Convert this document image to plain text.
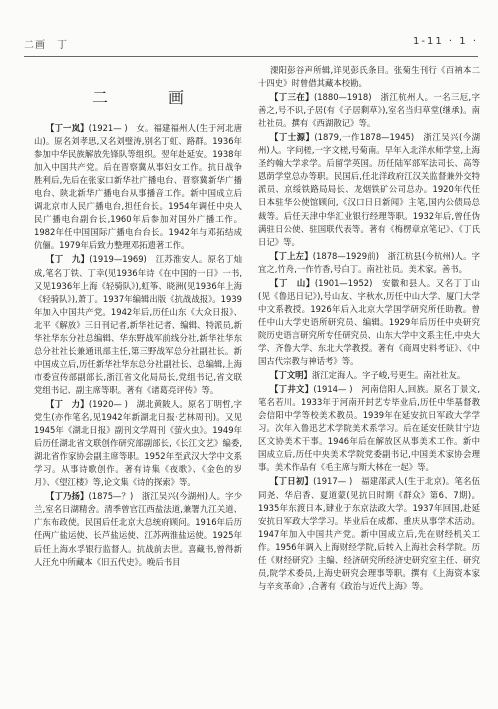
二画　丁	1-11 · 1 ·
二　画

【丁一岚】(1921— )　女。福建福州人(生于河北唐山)。原名刘孝思,又名刘璧涛,别名丁虹、路群。1936年参加中华民族解放先锋队等组织。翌年赴延安。1938年加入中国共产党。后在晋察冀从事妇女工作。抗日战争胜利后,先后在张家口新华社广播电台、晋察冀新华广播电台、陕北新华广播电台从事播音工作。新中国成立后调北京市人民广播电台,担任台长。1954年调任中央人民广播电台副台长,1960年后参加对国外广播工作。1982年任中国国际广播电台台长。1942年与邓拓结成伉俪。1979年后致力整理邓拓遗著工作。

【丁　九】(1919—1969)　江苏淮安人。原名丁灿成,笔名丁铁、丁幸(见1936年诗《在中国的一日》一书,又见1936年上海《轻骑队》),虹筝、晓洲(见1936年上海《轻骑队》),萧丁。1937年编辑出版《抗战战报》。1939年加入中国共产党。1942年后,历任山东《大众日报》、北平《解放》三日刊记者,新华社记者、编辑、特派员,新华社华东分社总编辑、华东野战军前线分社,新华社华东总分社社长兼通讯部主任,第三野战军总分社副社长。新中国成立后,历任新华社华东总分社副社长、总编辑,上海市委宣传部副部长,浙江省文化局局长,党组书记,省文联党组书记、副主席等职。著有《诸葛亮评传》等。

【丁　力】(1920— )　湖北黄陂人。原名丁明哲,字党生(亦作笔名,见1942年新湖北日报·艺林周刊)。又见1945年《湖北日报》副刊文学周刊《萤火虫》。1949年后历任湖北省文联创作研究部副部长,《长江文艺》编委,湖北省作家协会副主席等职。1952年至武汉大学中文系学习。从事诗歌创作。著有诗集《夜歌》、《金色的岁月》、《望江楼》等,论文集《诗的探索》等。

【丁乃扬】(1875—？)　浙江吴兴(今湖州)人。字少兰,室名日湖精舍。清季曾官江西盐法道,兼署九江关道、广东布政使。民国后任北京大总统府顾问。1916年后历任两广盐运使、长芦盐运使、江苏两淮盐运使。1925年后任上海水孚银行监督人。抗战前去世。喜藏书,曾得新人汪允中所藏本《旧五代史》。晚后书目

溧阳彭谷声所辑,详见彭氏条目。张菊生刊行《百衲本二十四史》时曾借其藏本校勘。

【丁三在】(1880—1918)　浙江杭州人。一名三厄,字善之,号不识,子居(有《子居剩草》),室名当归草堂(继承)。南社社员。撰有《西湖散记》等。

【丁士源】(1879,一作1878—1945)　浙江吴兴(今湖州)人。字问槎,一字文槎,号菊南。早年入北洋水师学堂,上海圣约翰大学求学。后留学英国。历任陆军部军法司长、高等恩荫学堂总办等职。民国后,任北洋政府江汉关监督兼外交特派员、京绥铁路局局长、龙烟铁矿公司总办。1920年代任日本驻华公使馆顾问,《汉口日日新闻》主笔,国内公债局总裁等。后任天津中华汇业银行经理等职。1932年后,曾任伪满驻日公使、驻国联代表等。著有《梅楞章京笔记》、《丁氏日记》等。

【丁上左】(1878—1929前)　浙江杭县(今杭州)人。字宜之,竹舟,一作竹香,号白丁。南社社员。美术家。善书。

【丁　山】(1901—1952)　安徽和县人。又名丁丁山(见《鲁迅日记》),号山友、字秋水,历任中山大学、厦门大学中文系教授。1926年后入北京大学国学研究所任助教。曾任中山大学史语所研究员、编辑。1929年后历任中央研究院历史语言研究所专任研究员、山东大学中文系主任,中央大学、齐鲁大学、东北大学教授。著有《商周史料考证》、《中国古代宗教与神话考》等。

【丁文明】浙江定海人。字子峻,号更生。南社社友。

【丁井文】(1914— )　河南信阳人,回族。原名丁景文,笔名若川。1933年于河南开封艺专毕业后,历任中华基督教会信阳中学等校美术教员。1939年在延安抗日军政大学学习。次年入鲁迅艺术学院美术系学习。后在延安任陕甘宁边区文协美术干事。1946年后在解放区从事美术工作。新中国成立后,历任中央美术学院党委副书记,中国美术家协会理事。美术作品有《毛主席与斯大林在一起》等。

【丁日初】(1917— )　福建邵武人(生于北京)。笔名伍同尧、华启香、夏道蒙(见抗日时期《群众》第6、7期)。1935年东渡日本,肄业于东京法政大学。1937年回国,赴延安抗日军政大学学习。毕业后在成都、重庆从事学术活动。1947年加入中国共产党。新中国成立后,先在财经机关工作。1956年调入上海财经学院,后转入上海社会科学院。历任《财经研究》主编、经济研究所经济史研究室主任、研究员,院学术委员,上海史研究会理事等职。撰有《上海资本家与辛亥革命》,合著有《政治与近代上海》等。
